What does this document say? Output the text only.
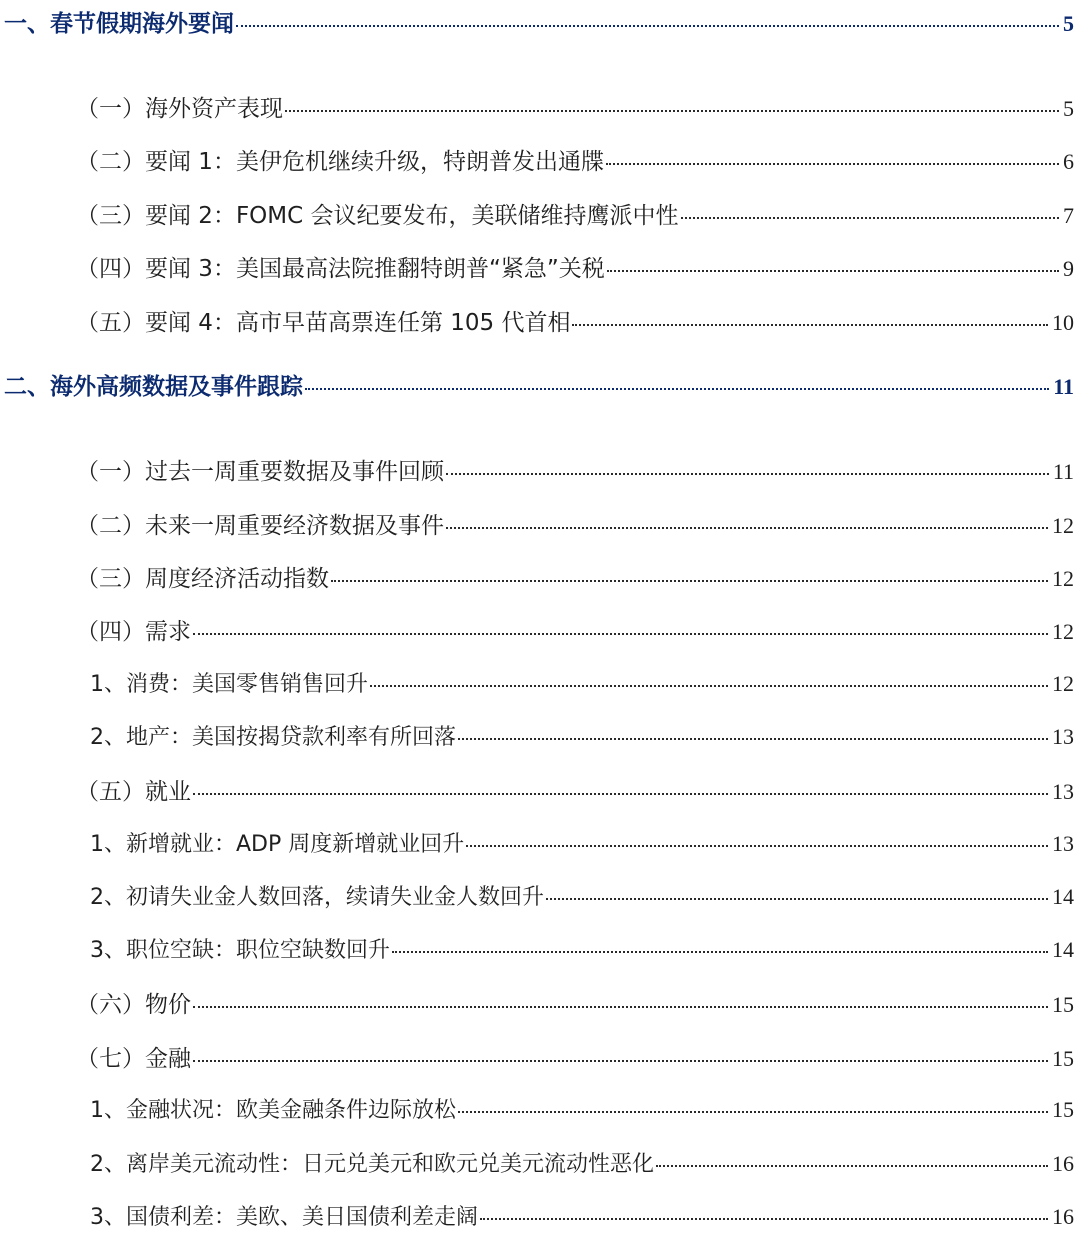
一、春节假期海外要闻	5
（一）海外资产表现	5
（二）要闻 1：美伊危机继续升级，特朗普发出通牒	6
（三）要闻 2：FOMC 会议纪要发布，美联储维持鹰派中性	7
（四）要闻 3：美国最高法院推翻特朗普“紧急”关税	9
（五）要闻 4：高市早苗高票连任第 105 代首相	10
二、海外高频数据及事件跟踪	11
（一）过去一周重要数据及事件回顾	11
（二）未来一周重要经济数据及事件	12
（三）周度经济活动指数	12
（四）需求	12
1、消费：美国零售销售回升	12
2、地产：美国按揭贷款利率有所回落	13
（五）就业	13
1、新增就业：ADP 周度新增就业回升	13
2、初请失业金人数回落，续请失业金人数回升	14
3、职位空缺：职位空缺数回升	14
（六）物价	15
（七）金融	15
1、金融状况：欧美金融条件边际放松	15
2、离岸美元流动性：日元兑美元和欧元兑美元流动性恶化	16
3、国债利差：美欧、美日国债利差走阔	16
